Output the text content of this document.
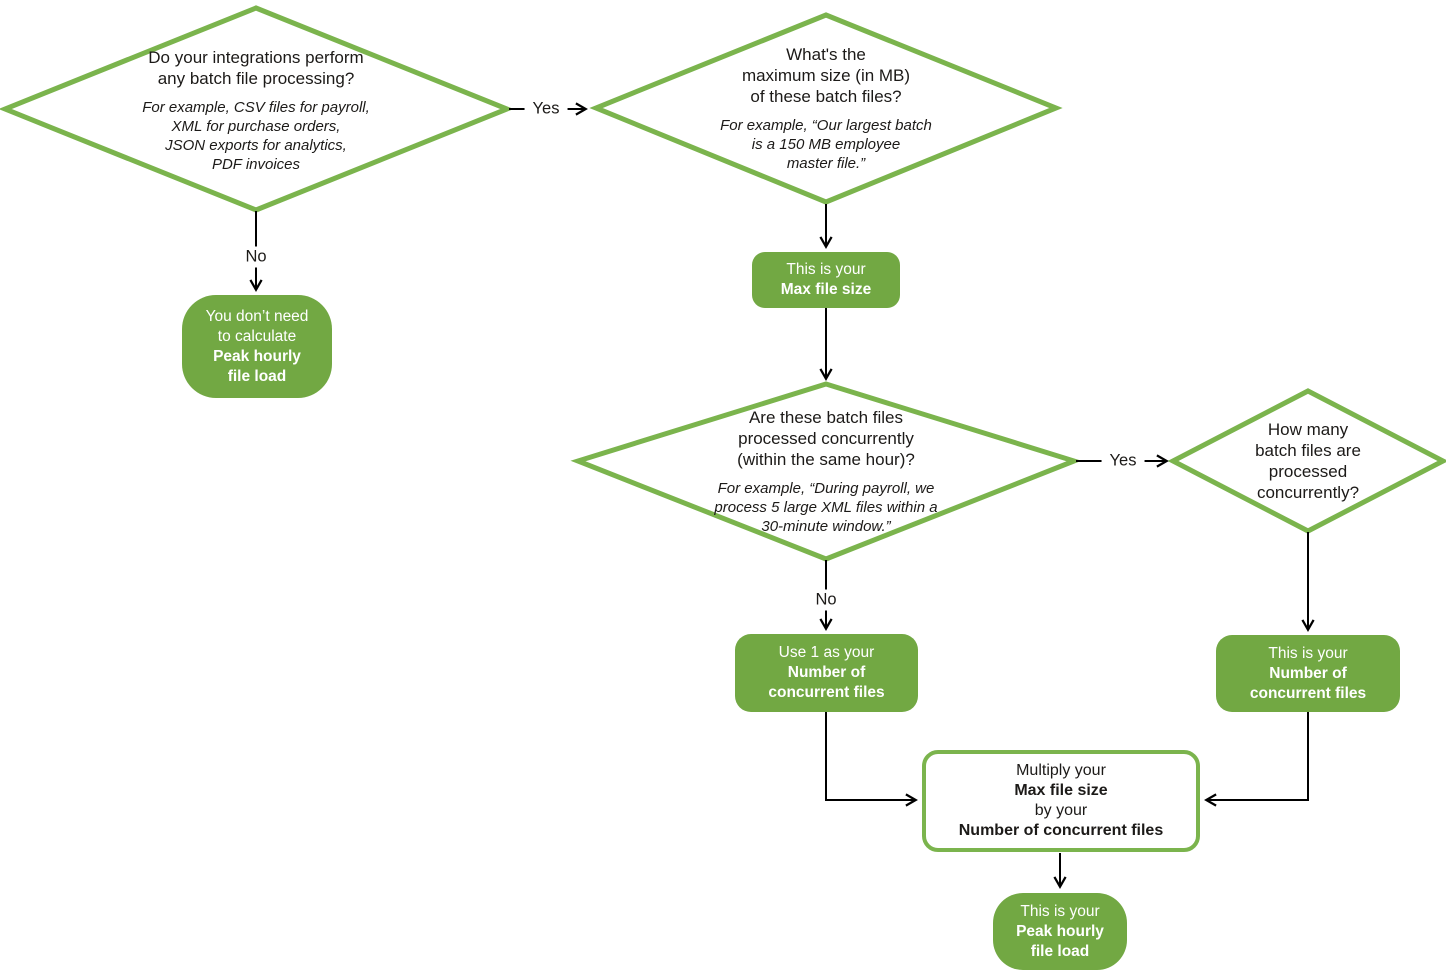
Do your integrations perform
any batch file processing?
For example, CSV files for payroll,
XML for purchase orders,
JSON exports for analytics,
PDF invoices
What's the
maximum size (in MB)
of these batch files?
For example, “Our largest batch
is a 150 MB employee
master file.”
Are these batch files
processed concurrently
(within the same hour)?
For example, “During payroll, we
process 5 large XML files within a
30-minute window.”
How many
batch files are
processed
concurrently?
You don’t need
to calculate
Peak hourly
file load
This is your
Max file size
Use 1 as your
Number of
concurrent files
This is your
Number of
concurrent files
Multiply your
Max file size
by your
Number of concurrent files
This is your
Peak hourly
file load
Yes
No
Yes
No
